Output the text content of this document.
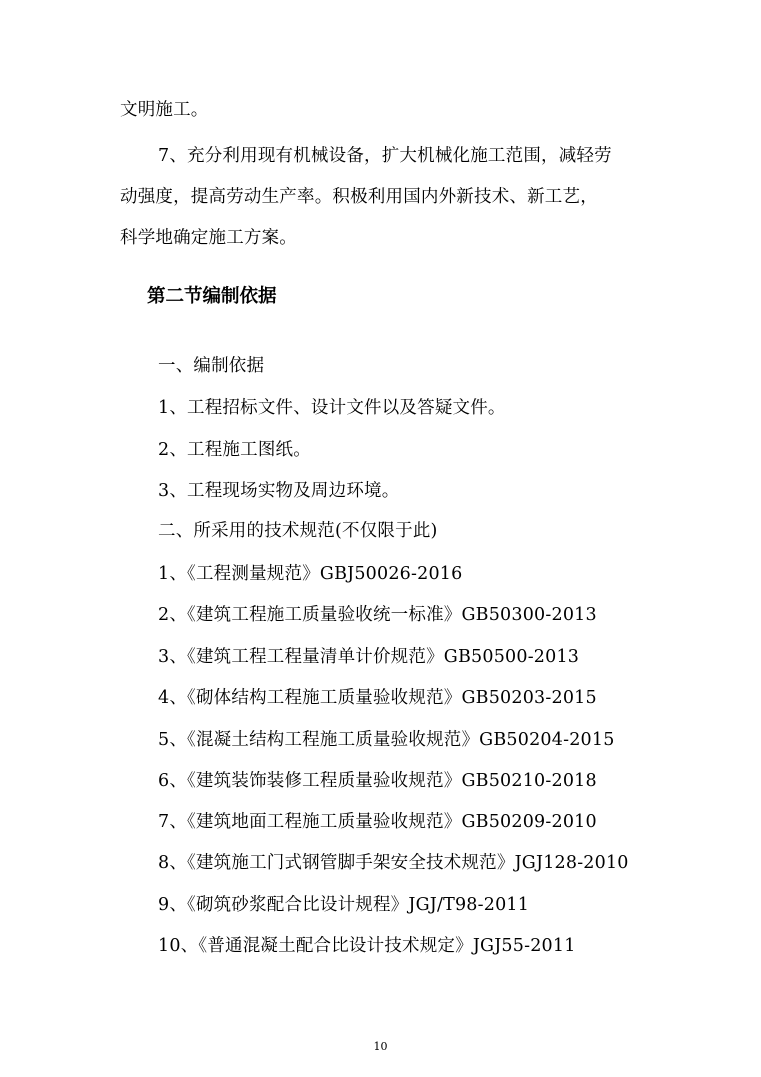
文明施工。
7、充分利用现有机械设备，扩大机械化施工范围，减轻劳
动强度，提高劳动生产率。积极利用国内外新技术、新工艺，
科学地确定施工方案。
第二节编制依据
一、编制依据
1、工程招标文件、设计文件以及答疑文件。
2、工程施工图纸。
3、工程现场实物及周边环境。
二、所采用的技术规范(不仅限于此)
1、《工程测量规范》GBJ50026-2016
2、《建筑工程施工质量验收统一标准》GB50300-2013
3、《建筑工程工程量清单计价规范》GB50500-2013
4、《砌体结构工程施工质量验收规范》GB50203-2015
5、《混凝土结构工程施工质量验收规范》GB50204-2015
6、《建筑装饰装修工程质量验收规范》GB50210-2018
7、《建筑地面工程施工质量验收规范》GB50209-2010
8、《建筑施工门式钢管脚手架安全技术规范》JGJ128-2010
9、《砌筑砂浆配合比设计规程》JGJ/T98-2011
10、《普通混凝土配合比设计技术规定》JGJ55-2011
10
